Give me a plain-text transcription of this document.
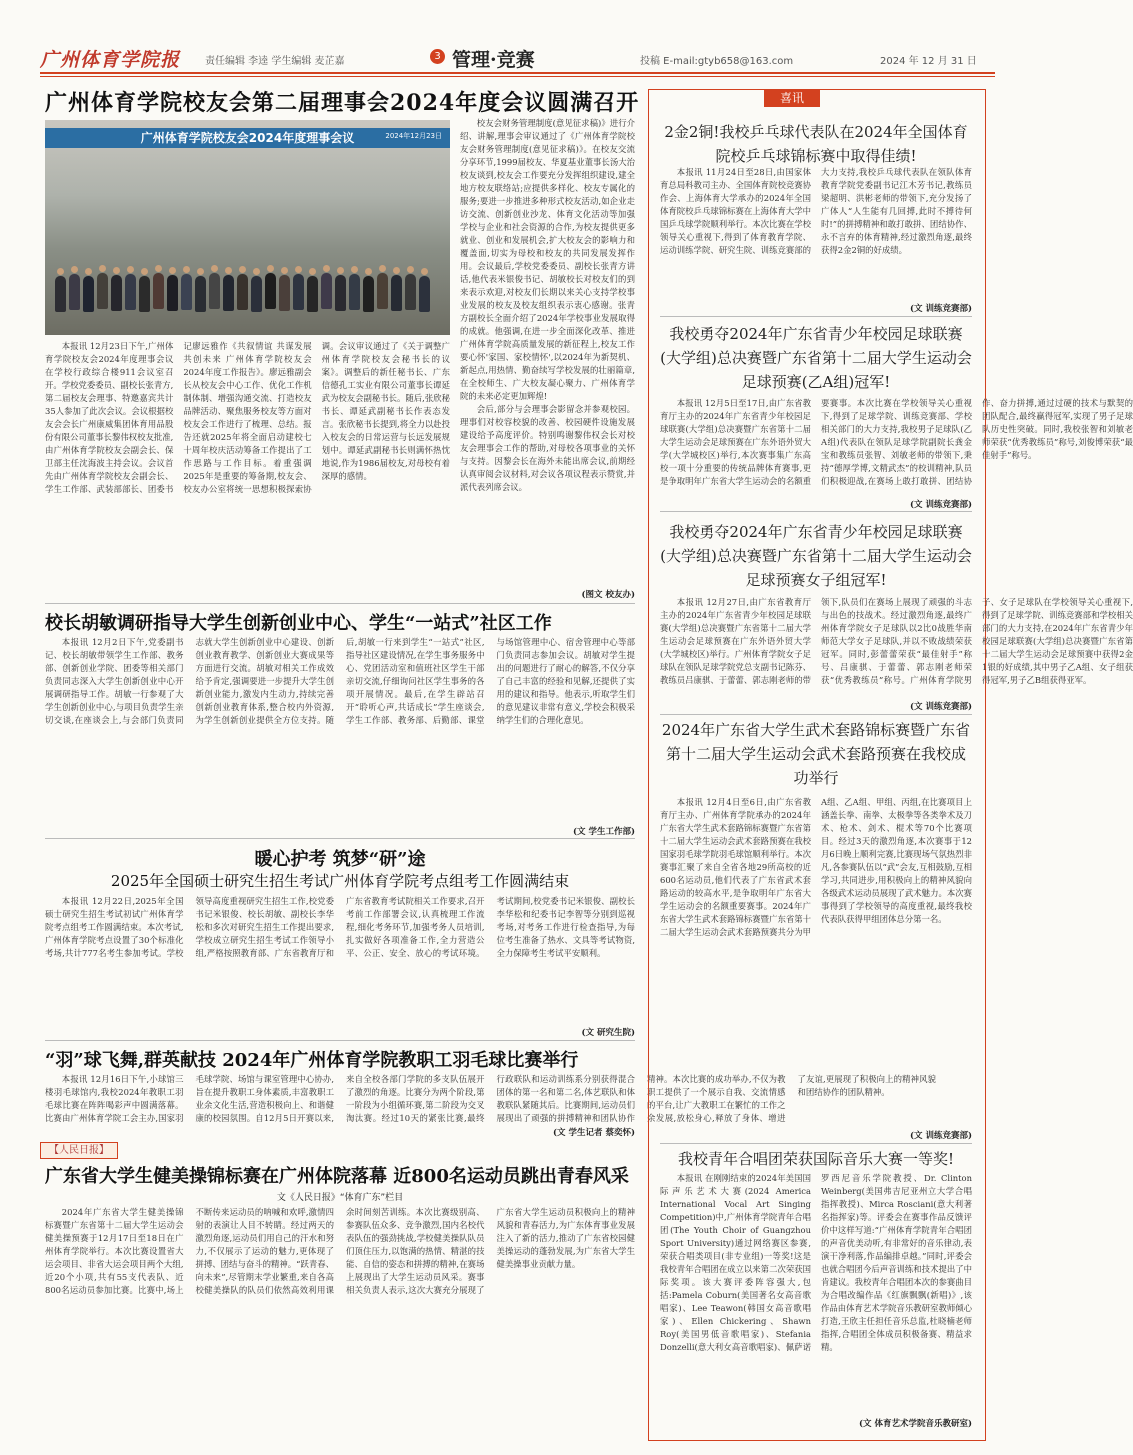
广州体育学院报 责任编辑 李逵 学生编辑 麦芷嘉	3 管理·竞赛	投稿 E-mail:gtyb658@163.com	2024 年 12 月 31 日
广州体育学院校友会第二届理事会2024年度会议圆满召开
广州体育学院校友会2024年度理事会议	2024年12月23日

校友会财务管理制度(意见征求稿)》进行介绍、讲解,理事会审议通过了《广州体育学院校友会财务管理制度(意见征求稿)》。在校友交流分享环节,1999届校友、华夏基业董事长汤大治校友谈到,校友会工作要充分发挥组织建设,建全地方校友联络站;应提供多样化、校友专属化的服务;要进一步推进多种形式校友活动,如企业走访交流、创新创业沙龙、体育文化活动等加强学校与企业和社会资源的合作,为校友提供更多就业、创业和发展机会,扩大校友会的影响力和覆盖面,切实为母校和校友的共同发展发挥作用。会议最后,学校党委委员、副校长张青方讲话,他代表米银俊书记、胡敏校长对校友们的到来表示欢迎,对校友们长期以来关心支持学校事业发展的校友及校友组织表示衷心感谢。张青方副校长全面介绍了2024年学校事业发展取得的成就。他强调,在进一步全面深化改革、推进广州体育学院高质量发展的新征程上,校友工作要心怀'家国、家校情怀',以2024年为新契机、新起点,用热情、勤奋续写学校发展的壮丽篇章,在全校师生、广大校友凝心聚力、广州体育学院的未来必定更加辉煌!

会后,部分与会理事会影留念并参观校园。理事们对校容校貌的改善、校园硬件设施发展建设给予高度评价。特别鸣谢黎伟权会长对校友会理事会工作的帮助,对母校各项事业的关怀与支持。因黎会长在海外未能出席会议,前期经认真审阅会议材料,对会议各项议程表示赞赏,并派代表列席会议。

(图文 校友办)

本报讯 12月23日下午,广州体育学院校友会2024年度理事会议在学校行政综合楼911会议室召开。学校党委委员、副校长张青方,第二届校友会理事、特邀嘉宾共计35人参加了此次会议。会议根据校友会会长广州康威集团体育用品股份有限公司董事长黎伟权校友批准,由广州体育学院校友会副会长、保卫部主任沈海波主持会议。会议首先由广州体育学院校友会副会长、学生工作部、武装部部长、团委书记廖远雅作《共叙情谊 共谋发展 共创未来 广州体育学院校友会2024年度工作报告》。廖远雅副会长从校友会中心工作、优化工作机制体制、增强沟通交流、打造校友品牌活动、聚焦服务校友等方面对校友会工作进行了梳理、总结。报告还就2025年将全面启动建校七十周年校庆活动筹备工作提出了工作思路与工作目标。着重强调2025年是重要的筹备期,校友会、校友办公室将统一思想积极探索协调。会议审议通过了《关于调整广州体育学院校友会秘书长的议案》。调整后的新任秘书长、广东信德孔工实业有限公司董事长谭延武为校友会副秘书长。随后,张欣秘书长、谭延武副秘书长作表态发言。张欣秘书长提到,将全力以赴投入校友会的日常运营与长远发展规划中。谭延武副秘书长则满怀热忱地说,作为1986届校友,对母校有着深厚的感情。

校长胡敏调研指导大学生创新创业中心、学生“一站式”社区工作

本报讯 12月2日下午,党委副书记、校长胡敏带领学生工作部、教务部、创新创业学院、团委等相关部门负责同志深入大学生创新创业中心开展调研指导工作。胡敏一行参观了大学生创新创业中心,与项目负责学生亲切交谈,在座谈会上,与会部门负责同志就大学生创新创业中心建设、创新创业教育教学、创新创业大赛成果等方面进行交流。胡敏对相关工作成效给予肯定,强调要进一步提升大学生创新创业能力,激发内生动力,持续完善创新创业教育体系,整合校内外资源,为学生创新创业提供全方位支持。随后,胡敏一行来到学生“一站式”社区,指导社区建设情况,在学生事务服务中心、党团活动室和值班社区学生干部亲切交流,仔细询问社区学生事务的各项开展情况。最后,在学生辟站召开“聆听心声,共话成长”学生座谈会,学生工作部、教务部、后勤部、课堂与场馆管理中心、宿舍管理中心等部门负责同志参加会议。胡敏对学生提出的问题进行了耐心的解答,不仅分享了自己丰富的经验和见解,还提供了实用的建议和指导。他表示,听取学生们的意见建议非常有意义,学校会积极采纳学生们的合理化意见。

(文 学生工作部)
暖心护考 筑梦“研”途
2025年全国硕士研究生招生考试广州体育学院考点组考工作圆满结束

本报讯 12月22日,2025年全国硕士研究生招生考试初试广州体育学院考点组考工作圆满结束。本次考试,广州体育学院考点设置了30个标准化考场,共计777名考生参加考试。学校领导高度重视研究生招生工作,校党委书记米银俊、校长胡敏、副校长李华松和多次对研究生招生工作提出要求,学校成立研究生招生考试工作领导小组,严格按照教育部、广东省教育厅和广东省教育考试院相关工作要求,召开考前工作部署会议,认真梳理工作流程,细化考务环节,加强考务人员培训,扎实做好各项准备工作,全力营造公平、公正、安全、放心的考试环境。考试期间,校党委书记米银俊、副校长李华松和纪委书记李智等分别到巡视考场,对考务工作进行检查指导,为每位考生准备了热水、文具等考试物资,全力保障考生考试平安顺利。

(文 研究生院)
“羽”球飞舞,群英献技 2024年广州体育学院教职工羽毛球比赛举行

本报讯 12月16日下午,小球馆三楼羽毛球馆内,我校2024年教职工羽毛球比赛在阵阵喝彩声中圆满落幕。比赛由广州体育学院工会主办,国家羽毛球学院、场馆与课室管理中心协办,旨在提升教职工身体素质,丰富教职工业余文化生活,营造积极向上、和谐健康的校园氛围。自12月5日开赛以来,来自全校各部门学院的多支队伍展开了激烈的角逐。比赛分为两个阶段,第一阶段为小组循环赛,第二阶段为交叉淘汰赛。经过10天的紧张比赛,最终行政联队和运动训练系分别获得混合团体的第一名和第二名,体艺联队和体教联队紧随其后。比赛期间,运动员们展现出了顽强的拼搏精神和团队协作精神。本次比赛的成功举办,不仅为教职工提供了一个展示自我、交流情感的平台,让广大教职工在繁忙的工作之余发展,放松身心,释放了身体、增进了友谊,更展现了积极向上的精神风貌和团结协作的团队精神。

(文 学生记者 蔡奕怀)
【人民日报】
广东省大学生健美操锦标赛在广州体院落幕 近800名运动员跳出青春风采
文《人民日报》“体育广东”栏目

2024年广东省大学生健美操锦标赛暨广东省第十二届大学生运动会健美操预赛于12月17日至18日在广州体育学院举行。本次比赛设置省大运会项目、非省大运会项目两个大组,近20个小项,共有55支代表队、近800名运动员参加比赛。比赛中,场上不断传来运动员的呐喊和欢呼,激情四射的表演让人目不转睛。经过两天的激烈角逐,运动员们用自己的汗水和努力,不仅展示了运动的魅力,更体现了拼搏、团结与奋斗的精神。“跃青春、向未来”,尽管期末学业繁重,来自各高校健美操队的队员们依然高效利用课余时间刻苦训练。本次比赛级别高、参赛队伍众多、竞争激烈,国内名校代表队伍的强劲挑战,学校健美操队队员们顶住压力,以饱满的热情、精湛的技能、自信的姿态和拼搏的精神,在赛场上展现出了大学生运动员风采。赛事相关负责人表示,这次大赛充分展现了广东省大学生运动员积极向上的精神风貌和青春活力,为广东体育事业发展注入了新的活力,推动了广东省校园健美操运动的蓬勃发展,为广东省大学生健美操事业贡献力量。

喜讯
2金2铜!我校乒乓球代表队在2024年全国体育院校乒乓球锦标赛中取得佳绩!

本报讯 11月24日至28日,由国家体育总局科教司主办、全国体育院校竞赛协作会、上海体育大学承办的2024年全国体育院校乒乓球锦标赛在上海体育大学中国乒乓球学院顺利举行。本次比赛在学校领导关心重视下,得到了体育教育学院、运动训练学院、研究生院、训练竞赛部的大力支持,我校乒乓球代表队在领队体育教育学院党委副书记江木芳书记,教练员梁超明、洪彬老师的带领下,充分发扬了广体人“人生能有几回搏,此时不搏待何时!”的拼搏精神和敢打敢拼、团结协作、永不言弃的体育精神,经过激烈角逐,最终获得2金2铜的好成绩。

(文 训练竞赛部)
我校勇夺2024年广东省青少年校园足球联赛(大学组)总决赛暨广东省第十二届大学生运动会足球预赛(乙A组)冠军!

本报讯 12月5日至17日,由广东省教育厅主办的2024年广东省青少年校园足球联赛(大学组)总决赛暨广东省第十二届大学生运动会足球预赛在广东外语外贸大学(大学城校区)举行,本次赛事集广东高校一项十分重要的传统品牌体育赛事,更是争取明年广东省大学生运动会的名额重要赛事。本次比赛在学校领导关心重视下,得到了足球学院、训练竞赛部、学校相关部门的大力支持,我校男子足球队(乙A组)代表队在领队足球学院副院长龚金宝和教练员张智、刘敏老师的带领下,秉持“德厚学博,文精武杰”的校训精神,队员们积极迎战,在赛场上敢打敢拼、团结协作、奋力拼搏,通过过硬的技术与默契的团队配合,最终赢得冠军,实现了男子足球队历史性突破。同时,我校张智和刘敏老师荣获“优秀教练员”称号,刘俊博荣获“最佳射手”称号。

(文 训练竞赛部)
我校勇夺2024年广东省青少年校园足球联赛(大学组)总决赛暨广东省第十二届大学生运动会足球预赛女子组冠军!

本报讯 12月27日,由广东省教育厅主办的2024年广东省青少年校园足球联赛(大学组)总决赛暨广东省第十二届大学生运动会足球预赛在广东外语外贸大学(大学城校区)举行。广州体育学院女子足球队在领队足球学院党总支副书记陈芬、教练员吕康骐、于蕾蕾、郭志刚老师的带领下,队员们在赛场上展现了顽强的斗志与出色的技战术。经过激烈角逐,最终广州体育学院女子足球队以2比0战胜华南师范大学女子足球队,并以不败战绩荣获冠军。同时,彭蕾蕾荣获“最佳射手”称号、吕康骐、于蕾蕾、郭志刚老师荣获“优秀教练员”称号。广州体育学院男子、女子足球队在学校领导关心重视下,得到了足球学院、训练竞赛部和学校相关部门的大力支持,在2024年广东省青少年校园足球联赛(大学组)总决赛暨广东省第十二届大学生运动会足球预赛中获得2金1银的好成绩,其中男子乙A组、女子组获得冠军,男子乙B组获得亚军。

(文 训练竞赛部)
2024年广东省大学生武术套路锦标赛暨广东省第十二届大学生运动会武术套路预赛在我校成功举行

本报讯 12月4日至6日,由广东省教育厅主办、广州体育学院承办的2024年广东省大学生武术套路锦标赛暨广东省第十二届大学生运动会武术套路预赛在我校国家羽毛球学院羽毛球馆顺利举行。本次赛事汇聚了来自全省各地29所高校的近600名运动员,他们代表了广东省武术套路运动的较高水平,是争取明年广东省大学生运动会的名额重要赛事。2024年广东省大学生武术套路锦标赛暨广东省第十二届大学生运动会武术套路预赛共分为甲A组、乙A组、甲组、丙组,在比赛项目上涵盖长拳、南拳、太极拳等各类拳术及刀术、枪术、剑术、棍术等70个比赛项目。经过3天的激烈角逐,本次赛事于12月6日晚上顺利完赛,比赛现场气氛热烈非凡,各参赛队伍以“武”会友,互相鼓励,互相学习,共同进步,用积极向上的精神风貌向各级武术运动员展现了武术魅力。本次赛事得到了学校领导的高度重视,最终我校代表队获得甲组团体总分第一名。

(文 训练竞赛部)
我校青年合唱团荣获国际音乐大赛一等奖!

本报讯 在刚刚结束的2024年美国国际声乐艺术大赛(2024 America International Vocal Art Singing Competition)中,广州体育学院青年合唱团(The Youth Choir of Guangzhou Sport University)通过网络赛区参赛,荣获合唱类项目(非专业组)一等奖!这是我校青年合唱团在成立以来第二次荣获国际奖项。该大赛评委阵容强大,包括:Pamela Coburn(美国著名女高音歌唱家)、Lee Teawon(韩国女高音歌唱家)、Ellen Chickering、Shawn Roy(美国男低音歌唱家)、Stefania Donzelli(意大利女高音歌唱家)、佩萨诺罗西尼音乐学院教授、Dr. Clinton Weinberg(美国弗吉尼亚州立大学合唱指挥教授)、Mirca Rosciani(意大利著名指挥家)等。评委会在赛事作品反馈评价中这样写道:“广州体育学院青年合唱团的声音优美动听,有非常好的音乐律动,表演干净利落,作品编排卓越。”同时,评委会也就合唱团今后声音训练和技术提出了中肯建议。我校青年合唱团本次的参赛曲目为合唱改编作品《红旗飘飘(新唱)》,该作品由体育艺术学院音乐教研室教师倾心打造,王欣主任担任音乐总监,杜晓楠老师指挥,合唱团全体成员积极备赛、精益求精。

(文 体育艺术学院音乐教研室)
